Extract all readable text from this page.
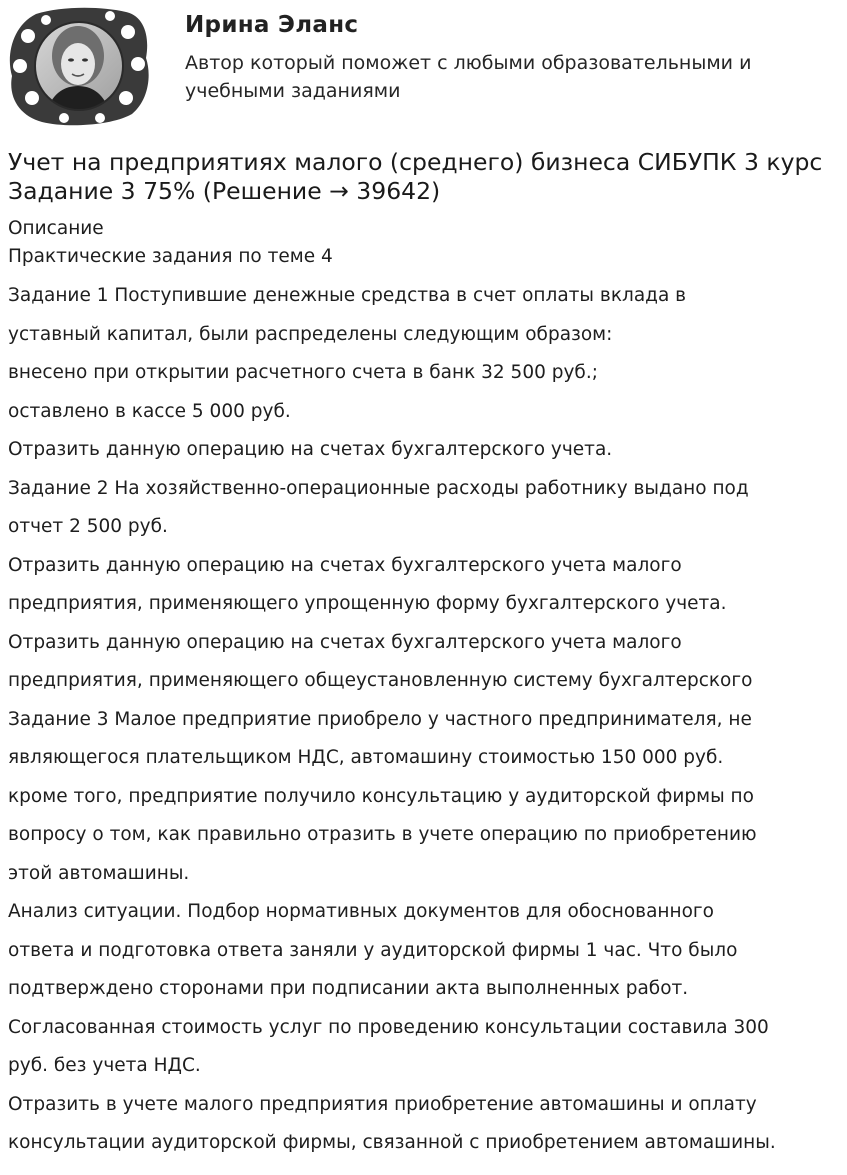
Ирина Эланс
Автор который поможет с любыми образовательными и учебными заданиями
Учет на предприятиях малого (среднего) бизнеса СИБУПК 3 курс Задание 3 75% (Решение → 39642)
Описание
Практические задания по теме 4
Задание 1 Поступившие денежные средства в счет оплаты вклада в
уставный капитал, были распределены следующим образом:
внесено при открытии расчетного счета в банк 32 500 руб.;
оставлено в кассе 5 000 руб.
Отразить данную операцию на счетах бухгалтерского учета.
Задание 2 На хозяйственно-операционные расходы работнику выдано под
отчет 2 500 руб.
Отразить данную операцию на счетах бухгалтерского учета малого
предприятия, применяющего упрощенную форму бухгалтерского учета.
Отразить данную операцию на счетах бухгалтерского учета малого
предприятия, применяющего общеустановленную систему бухгалтерского
Задание 3 Малое предприятие приобрело у частного предпринимателя, не
являющегося плательщиком НДС, автомашину стоимостью 150 000 руб.
кроме того, предприятие получило консультацию у аудиторской фирмы по
вопросу о том, как правильно отразить в учете операцию по приобретению
этой автомашины.
Анализ ситуации. Подбор нормативных документов для обоснованного
ответа и подготовка ответа заняли у аудиторской фирмы 1 час. Что было
подтверждено сторонами при подписании акта выполненных работ.
Согласованная стоимость услуг по проведению консультации составила 300
руб. без учета НДС.
Отразить в учете малого предприятия приобретение автомашины и оплату
консультации аудиторской фирмы, связанной с приобретением автомашины.
